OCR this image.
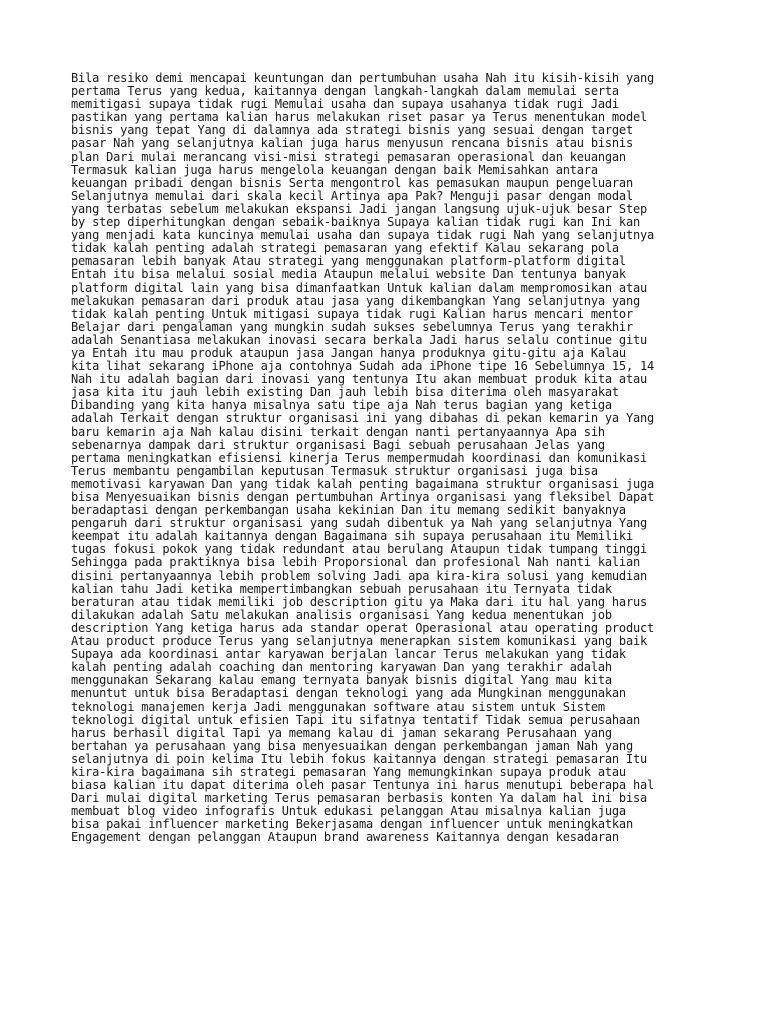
Bila resiko demi mencapai keuntungan dan pertumbuhan usaha Nah itu kisih-kisih yang
pertama Terus yang kedua, kaitannya dengan langkah-langkah dalam memulai serta
memitigasi supaya tidak rugi Memulai usaha dan supaya usahanya tidak rugi Jadi
pastikan yang pertama kalian harus melakukan riset pasar ya Terus menentukan model
bisnis yang tepat Yang di dalamnya ada strategi bisnis yang sesuai dengan target
pasar Nah yang selanjutnya kalian juga harus menyusun rencana bisnis atau bisnis
plan Dari mulai merancang visi-misi strategi pemasaran operasional dan keuangan
Termasuk kalian juga harus mengelola keuangan dengan baik Memisahkan antara
keuangan pribadi dengan bisnis Serta mengontrol kas pemasukan maupun pengeluaran
Selanjutnya memulai dari skala kecil Artinya apa Pak? Menguji pasar dengan modal
yang terbatas sebelum melakukan ekspansi Jadi jangan langsung ujuk-ujuk besar Step
by step diperhitungkan dengan sebaik-baiknya Supaya kalian tidak rugi kan Ini kan
yang menjadi kata kuncinya memulai usaha dan supaya tidak rugi Nah yang selanjutnya
tidak kalah penting adalah strategi pemasaran yang efektif Kalau sekarang pola
pemasaran lebih banyak Atau strategi yang menggunakan platform-platform digital
Entah itu bisa melalui sosial media Ataupun melalui website Dan tentunya banyak
platform digital lain yang bisa dimanfaatkan Untuk kalian dalam mempromosikan atau
melakukan pemasaran dari produk atau jasa yang dikembangkan Yang selanjutnya yang
tidak kalah penting Untuk mitigasi supaya tidak rugi Kalian harus mencari mentor
Belajar dari pengalaman yang mungkin sudah sukses sebelumnya Terus yang terakhir
adalah Senantiasa melakukan inovasi secara berkala Jadi harus selalu continue gitu
ya Entah itu mau produk ataupun jasa Jangan hanya produknya gitu-gitu aja Kalau
kita lihat sekarang iPhone aja contohnya Sudah ada iPhone tipe 16 Sebelumnya 15, 14
Nah itu adalah bagian dari inovasi yang tentunya Itu akan membuat produk kita atau
jasa kita itu jauh lebih existing Dan jauh lebih bisa diterima oleh masyarakat
Dibanding yang kita hanya misalnya satu tipe aja Nah terus bagian yang ketiga
adalah Terkait dengan struktur organisasi ini yang dibahas di pekan kemarin ya Yang
baru kemarin aja Nah kalau disini terkait dengan nanti pertanyaannya Apa sih
sebenarnya dampak dari struktur organisasi Bagi sebuah perusahaan Jelas yang
pertama meningkatkan efisiensi kinerja Terus mempermudah koordinasi dan komunikasi
Terus membantu pengambilan keputusan Termasuk struktur organisasi juga bisa
memotivasi karyawan Dan yang tidak kalah penting bagaimana struktur organisasi juga
bisa Menyesuaikan bisnis dengan pertumbuhan Artinya organisasi yang fleksibel Dapat
beradaptasi dengan perkembangan usaha kekinian Dan itu memang sedikit banyaknya
pengaruh dari struktur organisasi yang sudah dibentuk ya Nah yang selanjutnya Yang
keempat itu adalah kaitannya dengan Bagaimana sih supaya perusahaan itu Memiliki
tugas fokusi pokok yang tidak redundant atau berulang Ataupun tidak tumpang tinggi
Sehingga pada praktiknya bisa lebih Proporsional dan profesional Nah nanti kalian
disini pertanyaannya lebih problem solving Jadi apa kira-kira solusi yang kemudian
kalian tahu Jadi ketika mempertimbangkan sebuah perusahaan itu Ternyata tidak
beraturan atau tidak memiliki job description gitu ya Maka dari itu hal yang harus
dilakukan adalah Satu melakukan analisis organisasi Yang kedua menentukan job
description Yang ketiga harus ada standar operat Operasional atau operating product
Atau product produce Terus yang selanjutnya menerapkan sistem komunikasi yang baik
Supaya ada koordinasi antar karyawan berjalan lancar Terus melakukan yang tidak
kalah penting adalah coaching dan mentoring karyawan Dan yang terakhir adalah
menggunakan Sekarang kalau emang ternyata banyak bisnis digital Yang mau kita
menuntut untuk bisa Beradaptasi dengan teknologi yang ada Mungkinan menggunakan
teknologi manajemen kerja Jadi menggunakan software atau sistem untuk Sistem
teknologi digital untuk efisien Tapi itu sifatnya tentatif Tidak semua perusahaan
harus berhasil digital Tapi ya memang kalau di jaman sekarang Perusahaan yang
bertahan ya perusahaan yang bisa menyesuaikan dengan perkembangan jaman Nah yang
selanjutnya di poin kelima Itu lebih fokus kaitannya dengan strategi pemasaran Itu
kira-kira bagaimana sih strategi pemasaran Yang memungkinkan supaya produk atau
biasa kalian itu dapat diterima oleh pasar Tentunya ini harus menutupi beberapa hal
Dari mulai digital marketing Terus pemasaran berbasis konten Ya dalam hal ini bisa
membuat blog video infografis Untuk edukasi pelanggan Atau misalnya kalian juga
bisa pakai influencer marketing Bekerjasama dengan influencer untuk meningkatkan
Engagement dengan pelanggan Ataupun brand awareness Kaitannya dengan kesadaran
